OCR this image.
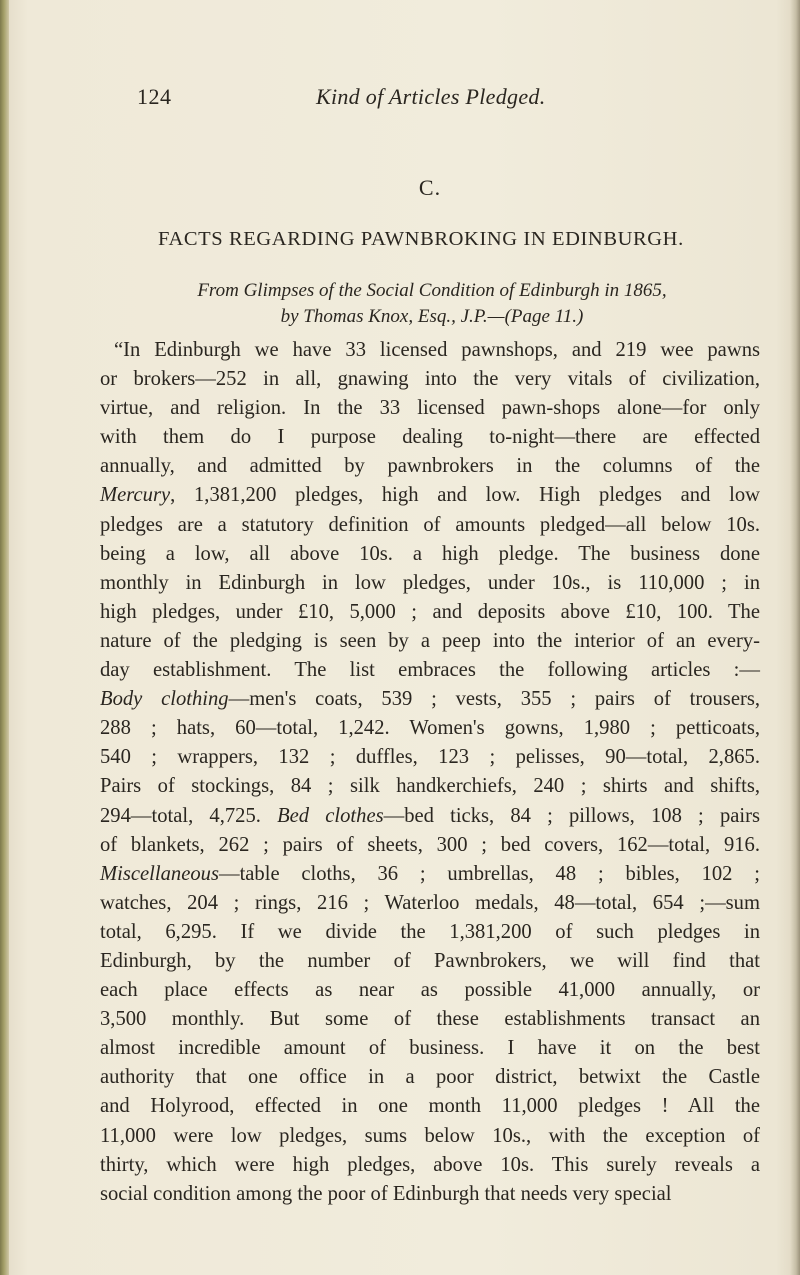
124	Kind of Articles Pledged.
C.
FACTS REGARDING PAWNBROKING IN EDINBURGH.
From Glimpses of the Social Condition of Edinburgh in 1865,
by Thomas Knox, Esq., J.P.—(Page 11.)
“In Edinburgh we have 33 licensed pawnshops, and 219 wee pawns
or brokers—252 in all, gnawing into the very vitals of civilization,
virtue, and religion. In the 33 licensed pawn-shops alone—for only
with them do I purpose dealing to-night—there are effected
annually, and admitted by pawnbrokers in the columns of the
Mercury, 1,381,200 pledges, high and low. High pledges and low
pledges are a statutory definition of amounts pledged—all below 10s.
being a low, all above 10s. a high pledge. The business done
monthly in Edinburgh in low pledges, under 10s., is 110,000 ; in
high pledges, under £10, 5,000 ; and deposits above £10, 100. The
nature of the pledging is seen by a peep into the interior of an every-
day establishment. The list embraces the following articles :—
Body clothing—men's coats, 539 ; vests, 355 ; pairs of trousers,
288 ; hats, 60—total, 1,242. Women's gowns, 1,980 ; petticoats,
540 ; wrappers, 132 ; duffles, 123 ; pelisses, 90—total, 2,865.
Pairs of stockings, 84 ; silk handkerchiefs, 240 ; shirts and shifts,
294—total, 4,725. Bed clothes—bed ticks, 84 ; pillows, 108 ; pairs
of blankets, 262 ; pairs of sheets, 300 ; bed covers, 162—total, 916.
Miscellaneous—table cloths, 36 ; umbrellas, 48 ; bibles, 102 ;
watches, 204 ; rings, 216 ; Waterloo medals, 48—total, 654 ;—sum
total, 6,295. If we divide the 1,381,200 of such pledges in
Edinburgh, by the number of Pawnbrokers, we will find that
each place effects as near as possible 41,000 annually, or
3,500 monthly. But some of these establishments transact an
almost incredible amount of business. I have it on the best
authority that one office in a poor district, betwixt the Castle
and Holyrood, effected in one month 11,000 pledges ! All the
11,000 were low pledges, sums below 10s., with the exception of
thirty, which were high pledges, above 10s. This surely reveals a
social condition among the poor of Edinburgh that needs very special
